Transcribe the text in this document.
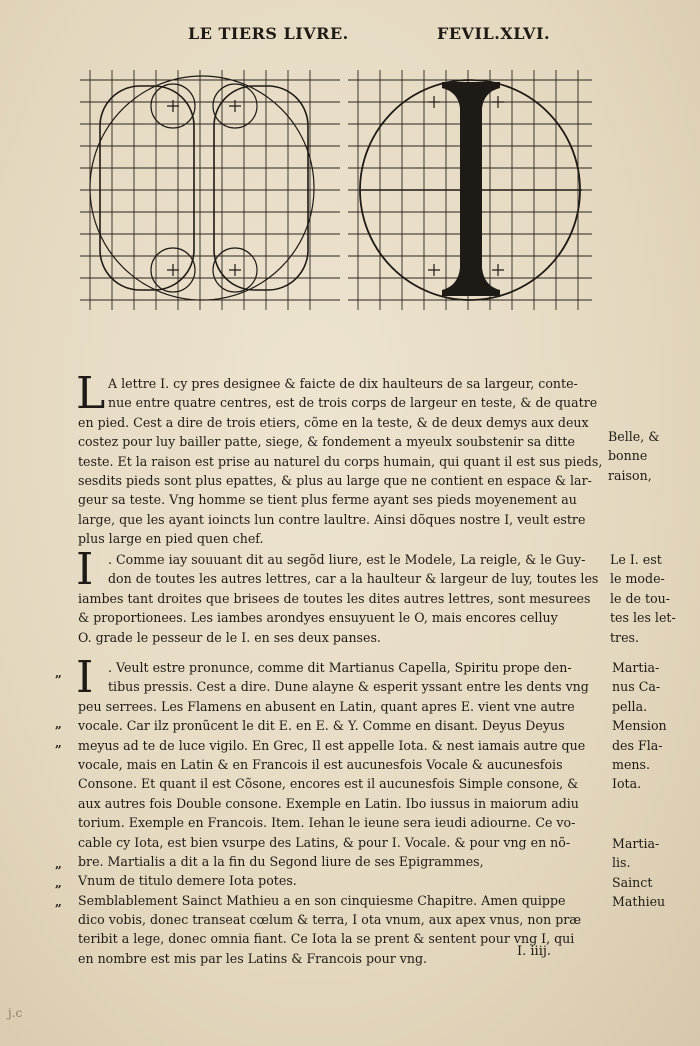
LE TIERS LIVRE.	FEVIL.XLVI.
L A lettre I. cy pres designee & faicte de dix haulteurs de sa largeur, conte‑
nue entre quatre centres, est de trois corps de largeur en teste, & de quatre
en pied. Cest a dire de trois etiers, cõme en la teste, & de deux demys aux deux
costez pour luy bailler patte, siege, & fondement a myeulx soubstenir sa ditte
teste. Et la raison est prise au naturel du corps humain, qui quant il est sus pieds,
sesdits pieds sont plus epattes, & plus au large que ne contient en espace & lar‑
geur sa teste. Vng homme se tient plus ferme ayant ses pieds moyenement au
large, que les ayant ioincts lun contre laultre. Ainsi dõques nostre I, veult estre
plus large en pied quen chef.
I	. Comme iay souuant dit au segõd liure, est le Modele, La reigle, & le Guy‑
don de toutes les autres lettres, car a la haulteur & largeur de luy, toutes les
iambes tant droites que brisees de toutes les dites autres lettres, sont mesurees
& proportionees. Les iambes arondyes ensuyuent le O, mais encores celluy
O. grade le pesseur de le I. en ses deux panses.
I	. Veult estre pronunce, comme dit Martianus Capella, Spiritu prope den‑
tibus pressis. Cest a dire. Dune alayne & esperit yssant entre les dents vng
peu serrees. Les Flamens en abusent en Latin, quant apres E. vient vne autre
vocale. Car ilz pronũcent le dit E. en E. & Y. Comme en disant. Deyus Deyus
meyus ad te de luce vigilo. En Grec, Il est appelle Iota. & nest iamais autre que
vocale, mais en Latin & en Francois il est aucunesfois Vocale & aucunesfois
Consone. Et quant il est Cõsone, encores est il aucunesfois Simple consone, &
aux autres fois Double consone. Exemple en Latin. Ibo iussus in maiorum adiu
torium. Exemple en Francois. Item. Iehan le ieune sera ieudi adiourne. Ce vo‑
cable cy Iota, est bien vsurpe des Latins, & pour I. Vocale. & pour vng en nõ‑
bre. Martialis a dit a la fin du Segond liure de ses Epigrammes,
Vnum de titulo demere Iota potes.
Semblablement Sainct Mathieu a en son cinquiesme Chapitre. Amen quippe
dico vobis, donec transeat cœlum & terra, I ota vnum, aux apex vnus, non præ
teribit a lege, donec omnia fiant. Ce Iota la se prent & sentent pour vng I, qui
en nombre est mis par les Latins & Francois pour vng.
„
„
„
„
„
„
Belle, &
bonne
raison,
Le I. est
le mode‑
le de tou‑
tes les let‑
tres.
Martia‑
nus Ca‑
pella.
Mension
des Fla‑
mens.
Iota.
Martia‑
lis.
Sainct
Mathieu
I. iiij.
j.c
